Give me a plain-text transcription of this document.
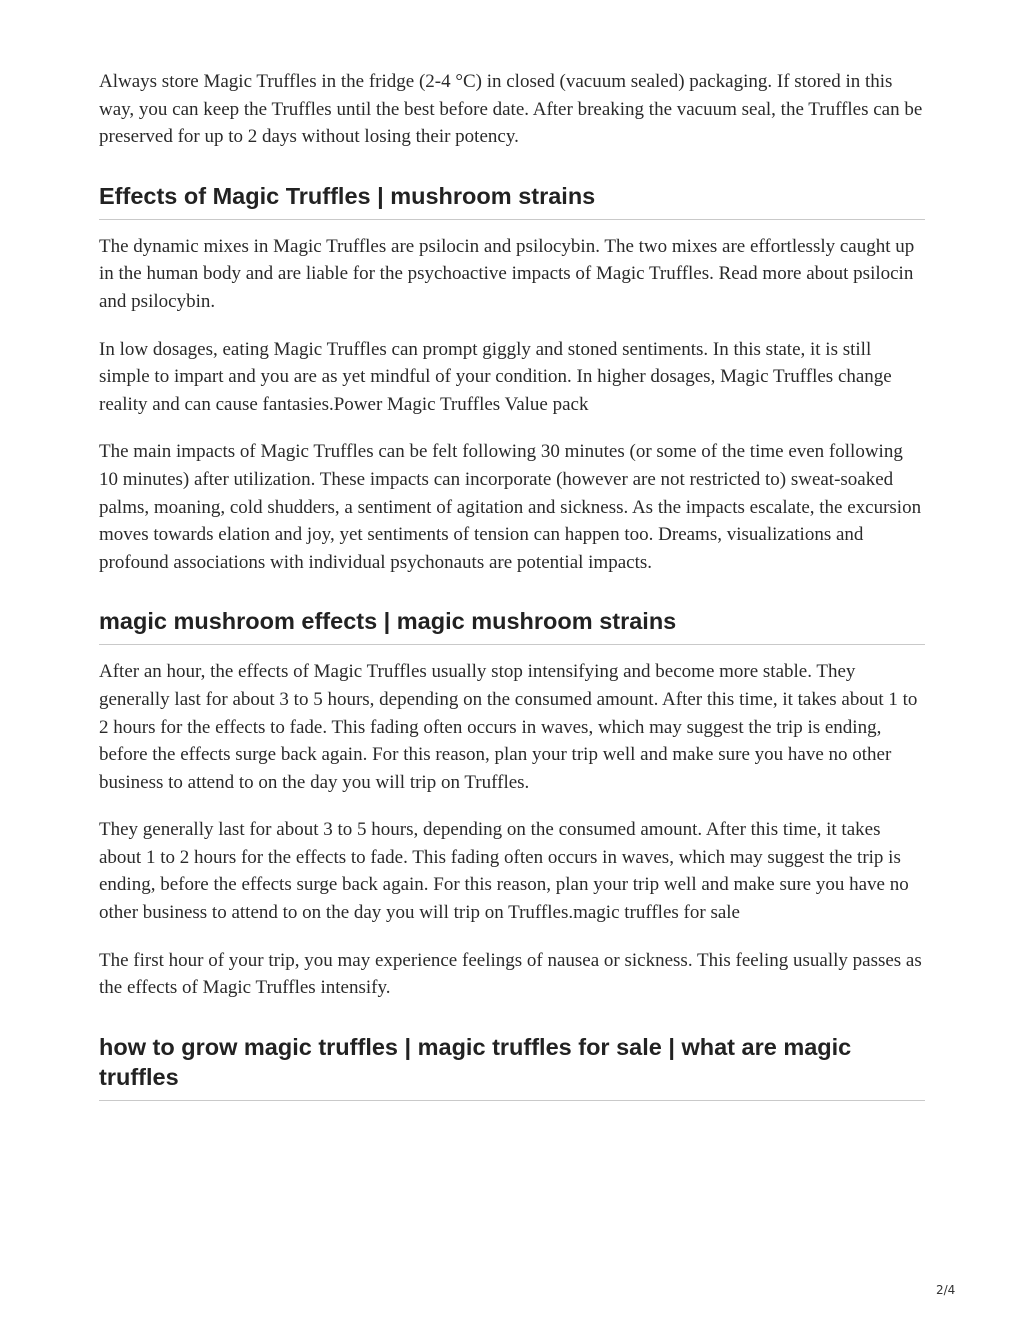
Always store Magic Truffles in the fridge (2-4 °C) in closed (vacuum sealed) packaging. If stored in this way, you can keep the Truffles until the best before date. After breaking the vacuum seal, the Truffles can be preserved for up to 2 days without losing their potency.

Effects of Magic Truffles | mushroom strains

The dynamic mixes in Magic Truffles are psilocin and psilocybin. The two mixes are effortlessly caught up in the human body and are liable for the psychoactive impacts of Magic Truffles. Read more about psilocin and psilocybin.

In low dosages, eating Magic Truffles can prompt giggly and stoned sentiments. In this state, it is still simple to impart and you are as yet mindful of your condition. In higher dosages, Magic Truffles change reality and can cause fantasies.Power Magic Truffles Value pack

The main impacts of Magic Truffles can be felt following 30 minutes (or some of the time even following 10 minutes) after utilization. These impacts can incorporate (however are not restricted to) sweat-soaked palms, moaning, cold shudders, a sentiment of agitation and sickness. As the impacts escalate, the excursion moves towards elation and joy, yet sentiments of tension can happen too. Dreams, visualizations and profound associations with individual psychonauts are potential impacts.

magic mushroom effects | magic mushroom strains

After an hour, the effects of Magic Truffles usually stop intensifying and become more stable. They generally last for about 3 to 5 hours, depending on the consumed amount. After this time, it takes about 1 to 2 hours for the effects to fade. This fading often occurs in waves, which may suggest the trip is ending, before the effects surge back again. For this reason, plan your trip well and make sure you have no other business to attend to on the day you will trip on Truffles.

They generally last for about 3 to 5 hours, depending on the consumed amount. After this time, it takes about 1 to 2 hours for the effects to fade. This fading often occurs in waves, which may suggest the trip is ending, before the effects surge back again. For this reason, plan your trip well and make sure you have no other business to attend to on the day you will trip on Truffles.magic truffles for sale

The first hour of your trip, you may experience feelings of nausea or sickness. This feeling usually passes as the effects of Magic Truffles intensify.

how to grow magic truffles | magic truffles for sale | what are magic truffles
2/4
